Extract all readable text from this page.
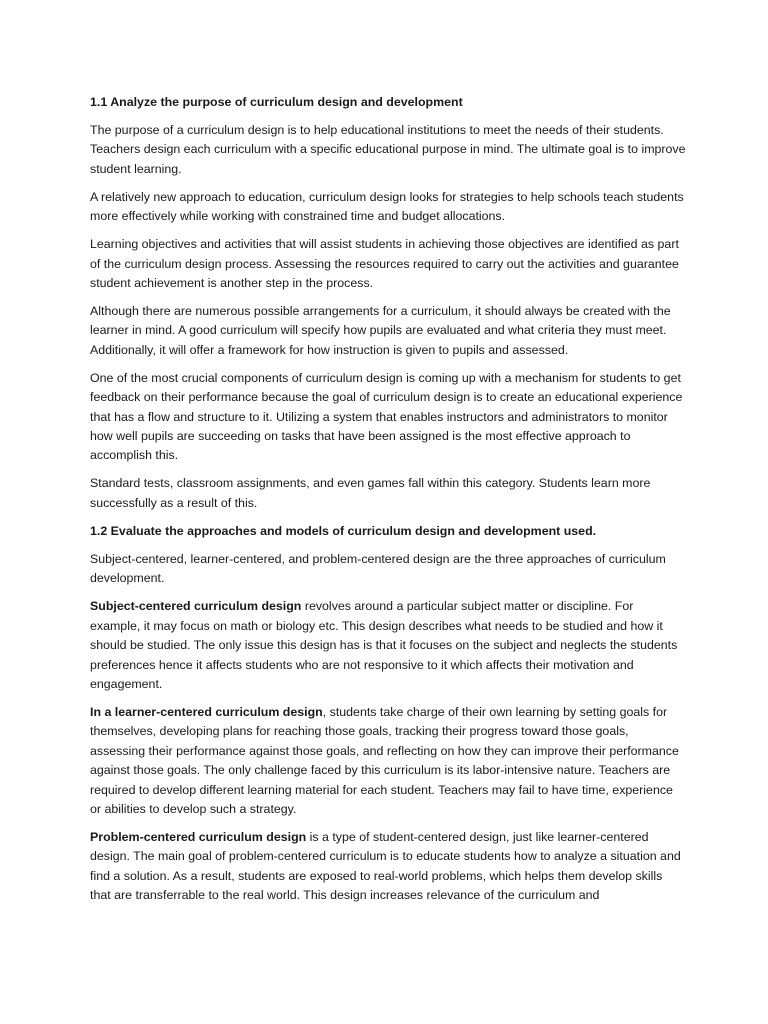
1.1 Analyze the purpose of curriculum design and development

The purpose of a curriculum design is to help educational institutions to meet the needs of their students. Teachers design each curriculum with a specific educational purpose in mind. The ultimate goal is to improve student learning.

A relatively new approach to education, curriculum design looks for strategies to help schools teach students more effectively while working with constrained time and budget allocations.

Learning objectives and activities that will assist students in achieving those objectives are identified as part of the curriculum design process. Assessing the resources required to carry out the activities and guarantee student achievement is another step in the process.

Although there are numerous possible arrangements for a curriculum, it should always be created with the learner in mind. A good curriculum will specify how pupils are evaluated and what criteria they must meet. Additionally, it will offer a framework for how instruction is given to pupils and assessed.

One of the most crucial components of curriculum design is coming up with a mechanism for students to get feedback on their performance because the goal of curriculum design is to create an educational experience that has a flow and structure to it. Utilizing a system that enables instructors and administrators to monitor how well pupils are succeeding on tasks that have been assigned is the most effective approach to accomplish this.

Standard tests, classroom assignments, and even games fall within this category. Students learn more successfully as a result of this.

1.2 Evaluate the approaches and models of curriculum design and development used.

Subject-centered, learner-centered, and problem-centered design are the three approaches of curriculum development.

Subject-centered curriculum design revolves around a particular subject matter or discipline. For example, it may focus on math or biology etc. This design describes what needs to be studied and how it should be studied. The only issue this design has is that it focuses on the subject and neglects the students preferences hence it affects students who are not responsive to it which affects their motivation and engagement.

In a learner-centered curriculum design, students take charge of their own learning by setting goals for themselves, developing plans for reaching those goals, tracking their progress toward those goals, assessing their performance against those goals, and reflecting on how they can improve their performance against those goals. The only challenge faced by this curriculum is its labor-intensive nature. Teachers are required to develop different learning material for each student. Teachers may fail to have time, experience or abilities to develop such a strategy.

Problem-centered curriculum design is a type of student-centered design, just like learner-centered design. The main goal of problem-centered curriculum is to educate students how to analyze a situation and find a solution. As a result, students are exposed to real-world problems, which helps them develop skills that are transferrable to the real world. This design increases relevance of the curriculum and
